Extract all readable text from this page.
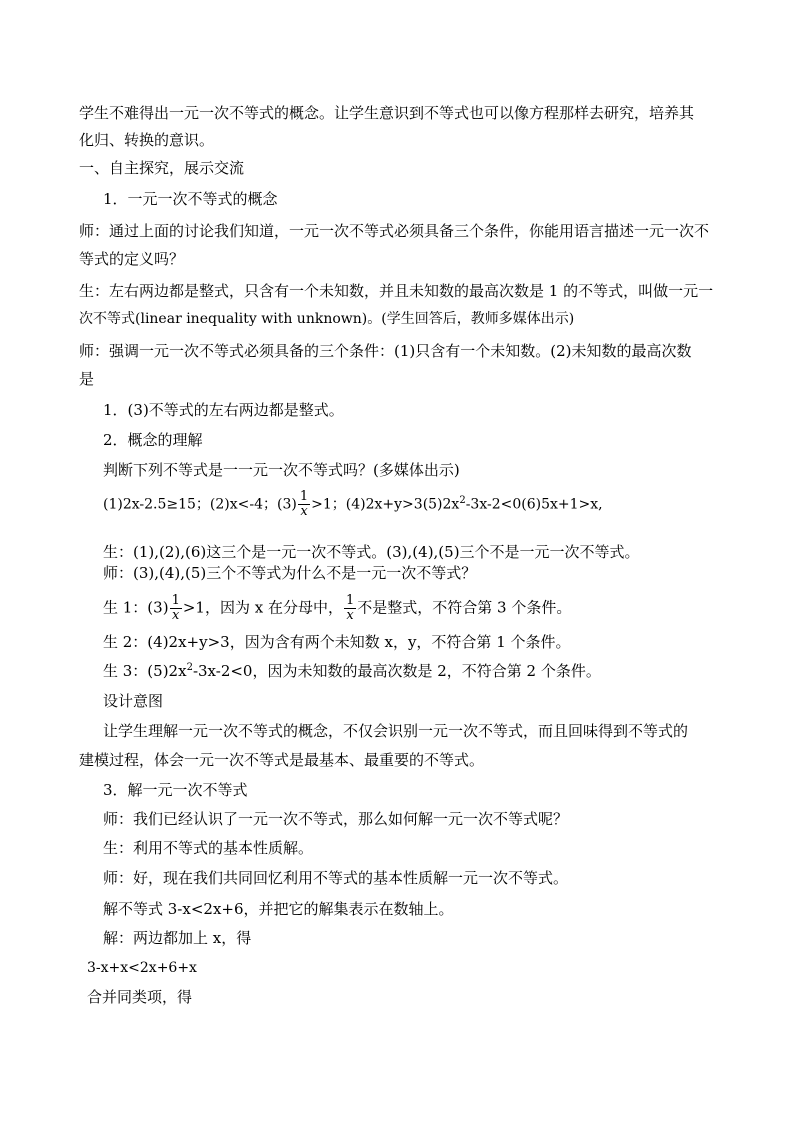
学生不难得出一元一次不等式的概念。让学生意识到不等式也可以像方程那样去研究，培养其
化归、转换的意识。
一、自主探究，展示交流
1．一元一次不等式的概念
师：通过上面的讨论我们知道，一元一次不等式必须具备三个条件，你能用语言描述一元一次不
等式的定义吗？
生：左右两边都是整式，只含有一个未知数，并且未知数的最高次数是 1 的不等式，叫做一元一
次不等式(linear inequality with unknown)。(学生回答后，教师多媒体出示)
师：强调一元一次不等式必须具备的三个条件：(1)只含有一个未知数。(2)未知数的最高次数
是
1．(3)不等式的左右两边都是整式。
2．概念的理解
判断下列不等式是一一元一次不等式吗？(多媒体出示)
(1)2x-2.5≥15；(2)x<-4；$(3) \frac{1}{x} >1$；$(4)2x+y>3(5)2x^2-3x-2<0(6)5x+1>x$,
生：(1),(2),(6)这三个是一元一次不等式。(3),(4),(5)三个不是一元一次不等式。
师：(3),(4),(5)三个不等式为什么不是一元一次不等式？
生 1：$(3) \frac{1}{x} >1$，因为 x 在分母中， $\frac{1}{x}$ 不是整式，不符合第 3 个条件。
生 2：(4)2x+y>3，因为含有两个未知数 x，y，不符合第 1 个条件。
生 3：$(5)2x^2-3x-2<0$，因为未知数的最高次数是 2，不符合第 2 个条件。
设计意图
让学生理解一元一次不等式的概念，不仅会识别一元一次不等式，而且回味得到不等式的
建模过程，体会一元一次不等式是最基本、最重要的不等式。
3．解一元一次不等式
师：我们已经认识了一元一次不等式，那么如何解一元一次不等式呢？
生：利用不等式的基本性质解。
师：好，现在我们共同回忆利用不等式的基本性质解一元一次不等式。
解不等式 3-x<2x+6，并把它的解集表示在数轴上。
解：两边都加上 x，得
3-x+x<2x+6+x
合并同类项，得
